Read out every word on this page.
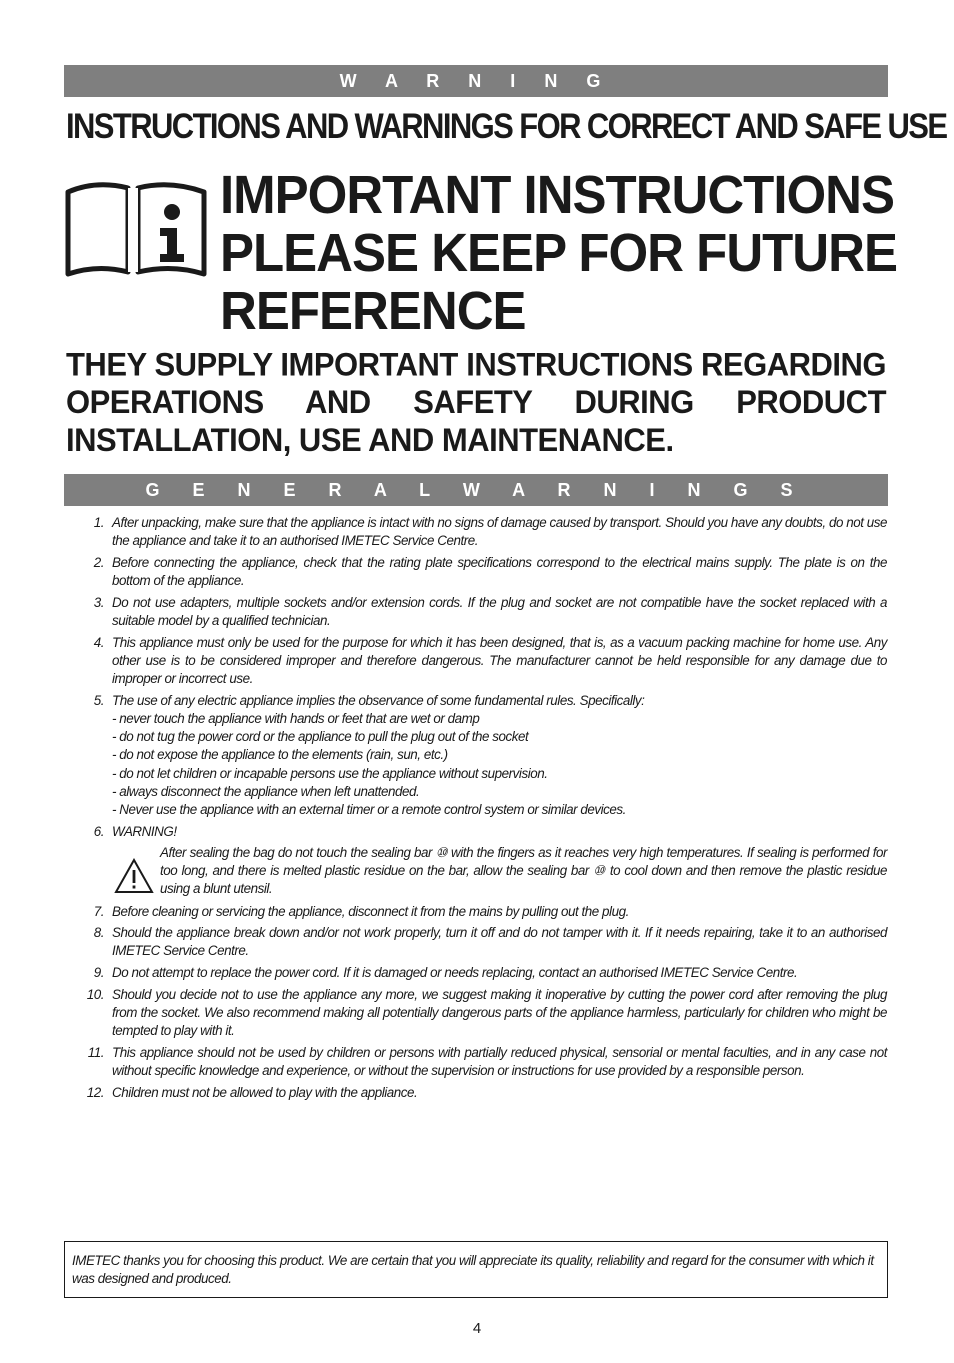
W A R N I N G
INSTRUCTIONS AND WARNINGS FOR CORRECT AND SAFE USE
IMPORTANT INSTRUCTIONS
PLEASE KEEP FOR FUTURE
REFERENCE
THEY SUPPLY IMPORTANT INSTRUCTIONS REGARDING
OPERATIONS AND SAFETY DURING PRODUCT
INSTALLATION, USE AND MAINTENANCE.
G E N E R A L W A R N I N G S
1. After unpacking, make sure that the appliance is intact with no signs of damage caused by transport. Should you have any doubts, do not use the appliance and take it to an authorised IMETEC Service Centre.
2. Before connecting the appliance, check that the rating plate specifications correspond to the electrical mains supply. The plate is on the bottom of the appliance.
3. Do not use adapters, multiple sockets and/or extension cords. If the plug and socket are not compatible have the socket replaced with a suitable model by a qualified technician.
4. This appliance must only be used for the purpose for which it has been designed, that is, as a vacuum packing machine for home use. Any other use is to be considered improper and therefore dangerous. The manufacturer cannot be held responsible for any damage due to improper or incorrect use.
5. The use of any electric appliance implies the observance of some fundamental rules. Specifically:
- never touch the appliance with hands or feet that are wet or damp
- do not tug the power cord or the appliance to pull the plug out of the socket
- do not expose the appliance to the elements (rain, sun, etc.)
- do not let children or incapable persons use the appliance without supervision.
- always disconnect the appliance when left unattended.
- Never use the appliance with an external timer or a remote control system or similar devices.
6. WARNING!
After sealing the bag do not touch the sealing bar ⑩ with the fingers as it reaches very high temperatures. If sealing is performed for too long, and there is melted plastic residue on the bar, allow the sealing bar ⑩ to cool down and then remove the plastic residue using a blunt utensil.
7. Before cleaning or servicing the appliance, disconnect it from the mains by pulling out the plug.
8. Should the appliance break down and/or not work properly, turn it off and do not tamper with it. If it needs repairing, take it to an authorised IMETEC Service Centre.
9. Do not attempt to replace the power cord. If it is damaged or needs replacing, contact an authorised IMETEC Service Centre.
10. Should you decide not to use the appliance any more, we suggest making it inoperative by cutting the power cord after removing the plug from the socket. We also recommend making all potentially dangerous parts of the appliance harmless, particularly for children who might be tempted to play with it.
11. This appliance should not be used by children or persons with partially reduced physical, sensorial or mental faculties, and in any case not without specific knowledge and experience, or without the supervision or instructions for use provided by a responsible person.
12. Children must not be allowed to play with the appliance.
IMETEC thanks you for choosing this product. We are certain that you will appreciate its quality, reliability and regard for the consumer with which it was designed and produced.
4
